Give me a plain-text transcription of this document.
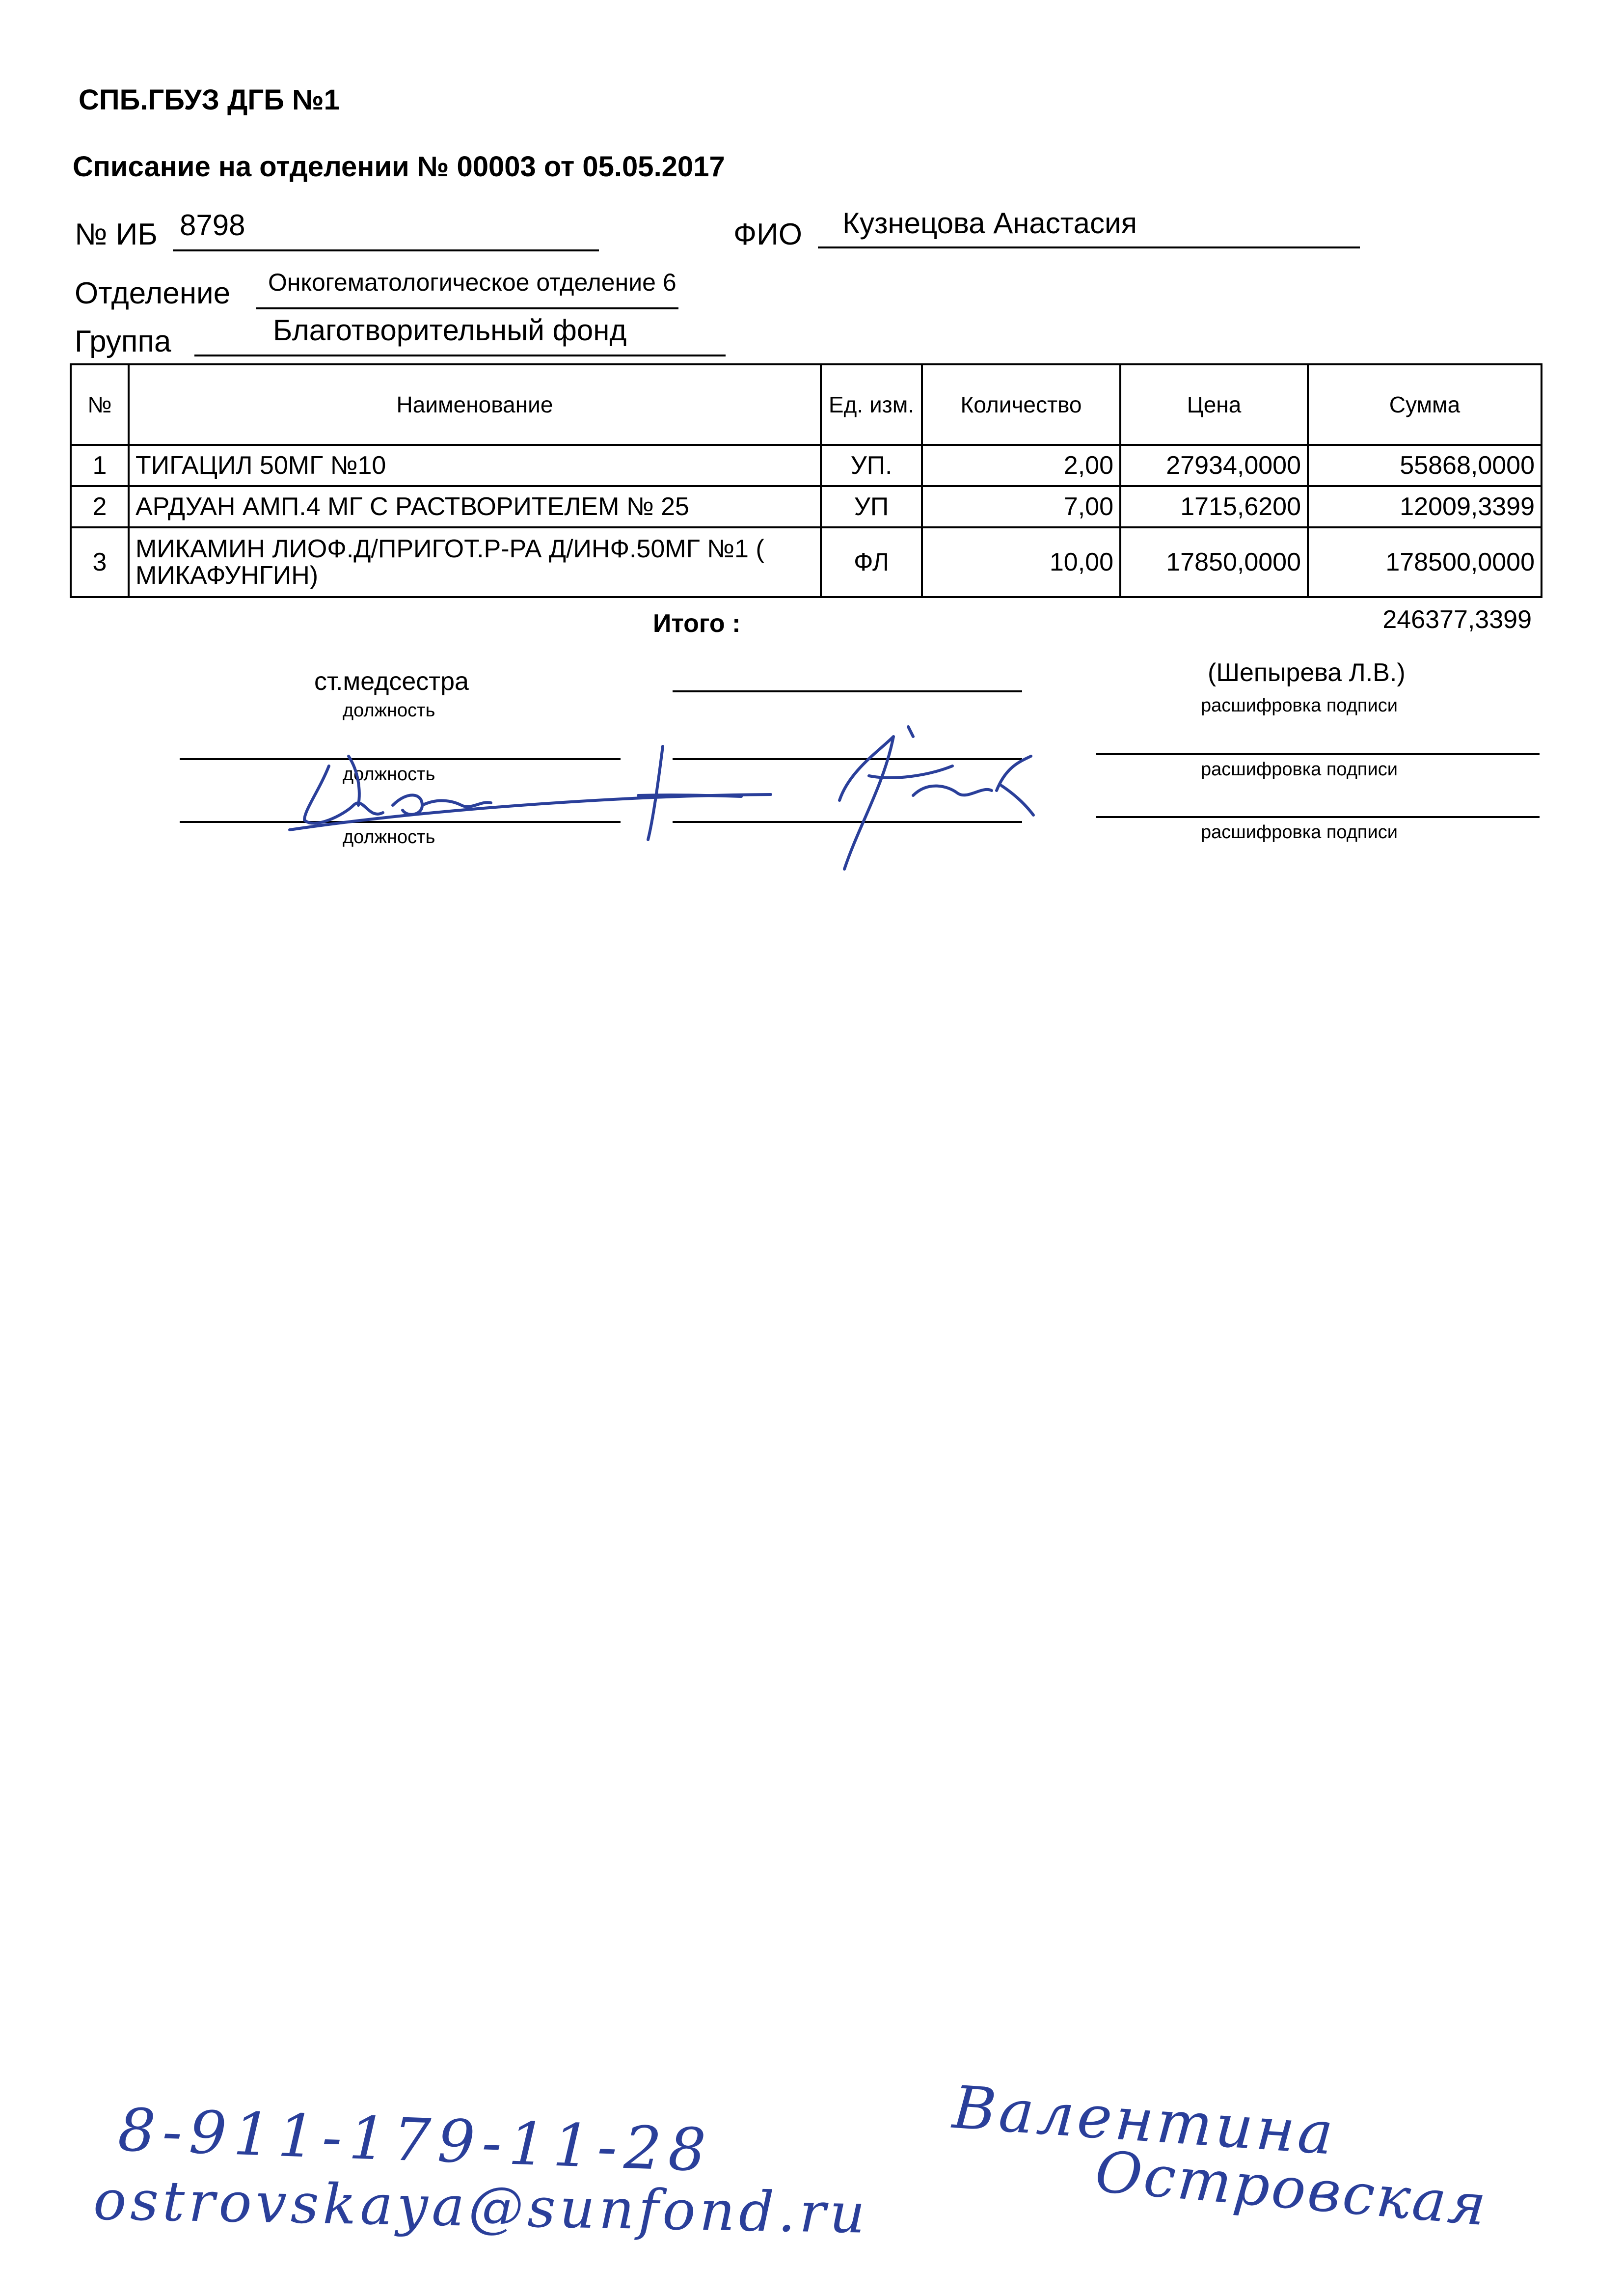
СПБ.ГБУЗ ДГБ №1
Списание на отделении № 00003 от 05.05.2017
№ ИБ 8798	ФИО Кузнецова Анастасия
Отделение Онкогематологическое отделение 6
Группа	Благотворительный фонд
№	Наименование	Ед. изм.	Количество	Цена	Сумма
1	ТИГАЦИЛ 50МГ №10	УП.	2,00	27934,0000	55868,0000
2	АРДУАН АМП.4 МГ С РАСТВОРИТЕЛЕМ № 25	УП	7,00	1715,6200	12009,3399
3	МИКАМИН ЛИОФ.Д/ПРИГОТ.Р-РА Д/ИНФ.50МГ №1 ( МИКАФУНГИН)	ФЛ	10,00	17850,0000	178500,0000
Итого :	246377,3399
ст.медсестра
должность
(Шепырева Л.В.)
расшифровка подписи
должность	расшифровка подписи
должность	расшифровка подписи
8-911-179-11-28
ostrovskaya@sunfond.ru
Валентина
Островская
